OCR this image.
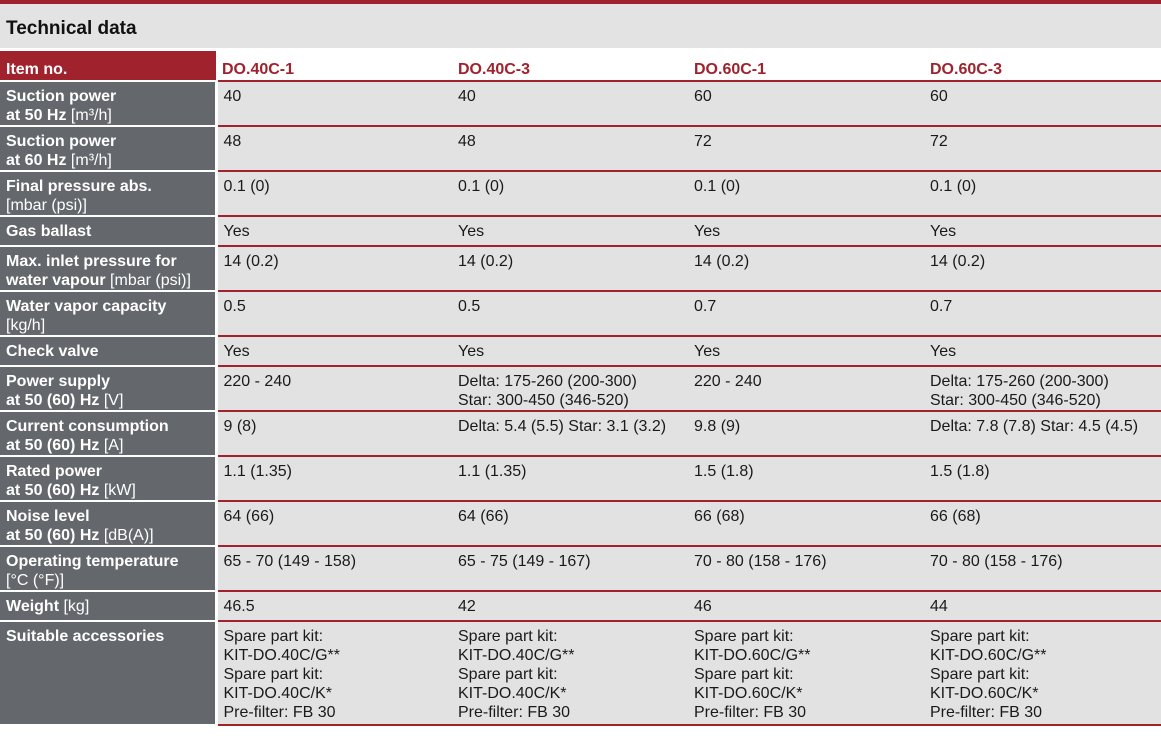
Technical data
Item no.	DO.40C-1	DO.40C-3	DO.60C-1	DO.60C-3
Suction power
at 50 Hz [m³/h]	40	40	60	60
Suction power
at 60 Hz [m³/h]	48	48	72	72
Final pressure abs.
[mbar (psi)]	0.1 (0)	0.1 (0)	0.1 (0)	0.1 (0)
Gas ballast	Yes	Yes	Yes	Yes
Max. inlet pressure for
water vapour [mbar (psi)]	14 (0.2)	14 (0.2)	14 (0.2)	14 (0.2)
Water vapor capacity
[kg/h]	0.5	0.5	0.7	0.7
Check valve	Yes	Yes	Yes	Yes
Power supply
at 50 (60) Hz [V]	220 - 240	Delta: 175-260 (200-300)
Star: 300-450 (346-520)	220 - 240	Delta: 175-260 (200-300)
Star: 300-450 (346-520)
Current consumption
at 50 (60) Hz [A]	9 (8)	Delta: 5.4 (5.5) Star: 3.1 (3.2)	9.8 (9)	Delta: 7.8 (7.8) Star: 4.5 (4.5)
Rated power
at 50 (60) Hz [kW]	1.1 (1.35)	1.1 (1.35)	1.5 (1.8)	1.5 (1.8)
Noise level
at 50 (60) Hz [dB(A)]	64 (66)	64 (66)	66 (68)	66 (68)
Operating temperature
[°C (°F)]	65 - 70 (149 - 158)	65 - 75 (149 - 167)	70 - 80 (158 - 176)	70 - 80 (158 - 176)
Weight [kg]	46.5	42	46	44
Suitable accessories	Spare part kit:
KIT-DO.40C/G**
Spare part kit:
KIT-DO.40C/K*
Pre-filter: FB 30	Spare part kit:
KIT-DO.40C/G**
Spare part kit:
KIT-DO.40C/K*
Pre-filter: FB 30	Spare part kit:
KIT-DO.60C/G**
Spare part kit:
KIT-DO.60C/K*
Pre-filter: FB 30	Spare part kit:
KIT-DO.60C/G**
Spare part kit:
KIT-DO.60C/K*
Pre-filter: FB 30
